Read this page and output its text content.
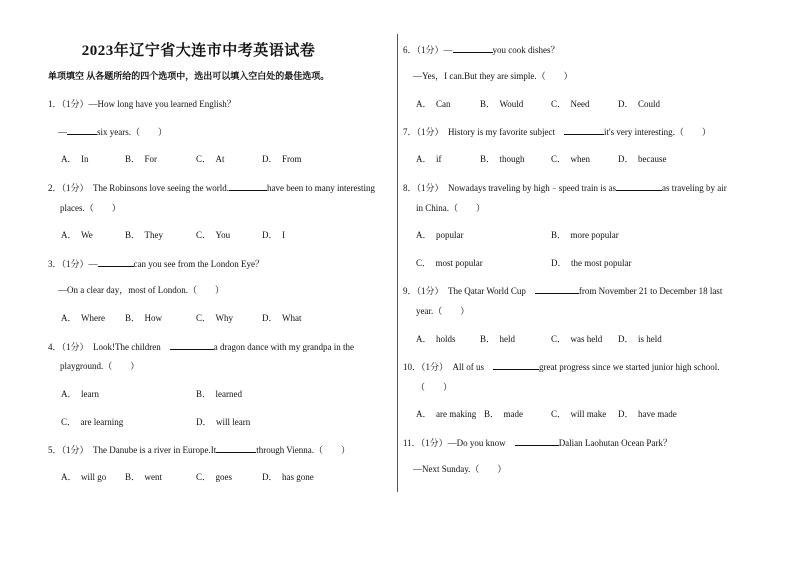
2023年辽宁省大连市中考英语试卷
单项填空 从各题所给的四个选项中，选出可以填入空白处的最佳选项。
1．（1分）—How long have you learned English？
—	six years.（　　）
A．　In	B．　For	C．　At	D．　From
2．（1分）　The Robinsons love seeing the world.	have been to many interesting
places.（　　）
A．　We	B．　They	C．　You	D．　I
3．（1分）—	can you see from the London Eye？
—On a clear day，most of London.（　　）
A．　Where B．　How	C．　Why	D．　What
4．（1分）　Look!The children　	a dragon dance with my grandpa in the
playground.（　　）
A．　learn	B．　learned
C．　are learning	D．　will learn
5．（1分）　The Danube is a river in Europe.It	through Vienna.（　　）
A．　will go B．　went	C．　goes	D．　has gone
6．（1分）—	you cook dishes？
—Yes，I can.But they are simple.（　　）
A．　Can	B．　Would	C．　Need	D．　Could
7．（1分）　History is my favorite subject　	it's very interesting.（　　）
A．　if	B．　though	C．　when	D．　because
8．（1分）　Nowadays traveling by high﹣speed train is as	as traveling by air
in China.（　　）
A．　popular	B．　more popular
C．　most popular	D．　the most popular
9．（1分）　The Qatar World Cup　	from November 21 to December 18 last
year.（　　）
A．　holds	B．　held	C．　was held D．　is held
10．（1分）　All of us　	great progress since we started junior high school.
（　　）
A．　are making B．　made	C．　will make D．　have made
11．（1分）—Do you know　	Dalian Laohutan Ocean Park？
—Next Sunday.（　　）
